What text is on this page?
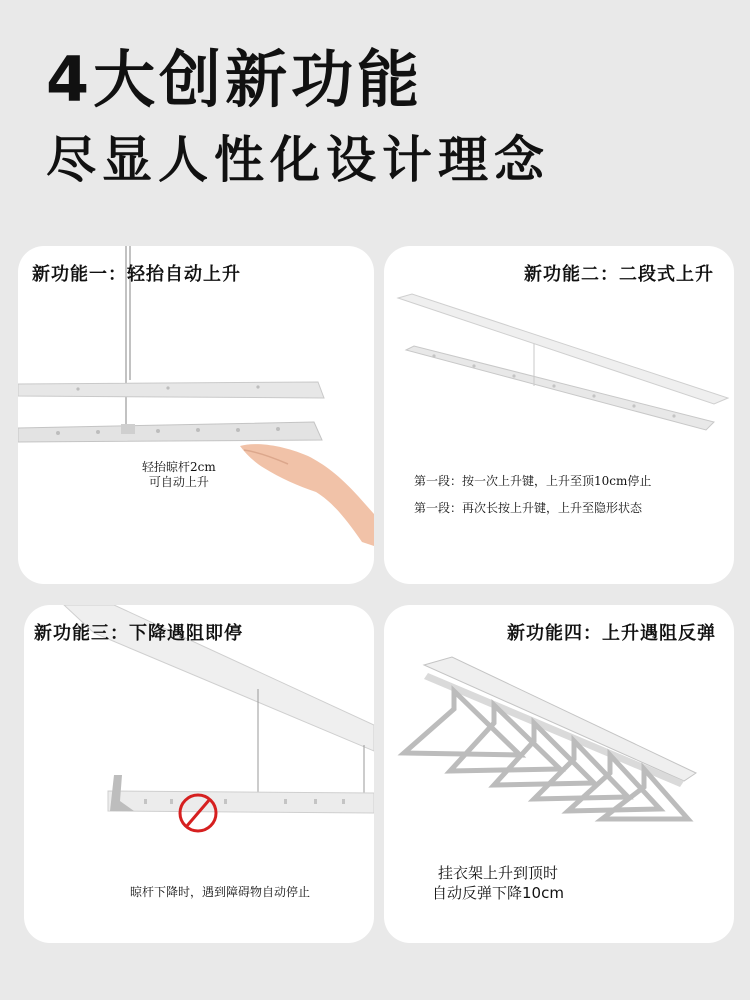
4大创新功能
尽显人性化设计理念
新功能一：轻抬自动上升
轻抬晾杆2cm
可自动上升
新功能二：二段式上升
第一段：按一次上升键，上升至顶10cm停止
第一段：再次长按上升键，上升至隐形状态
新功能三：下降遇阻即停
晾杆下降时，遇到障碍物自动停止
新功能四：上升遇阻反弹
挂衣架上升到顶时
自动反弹下降10cm
